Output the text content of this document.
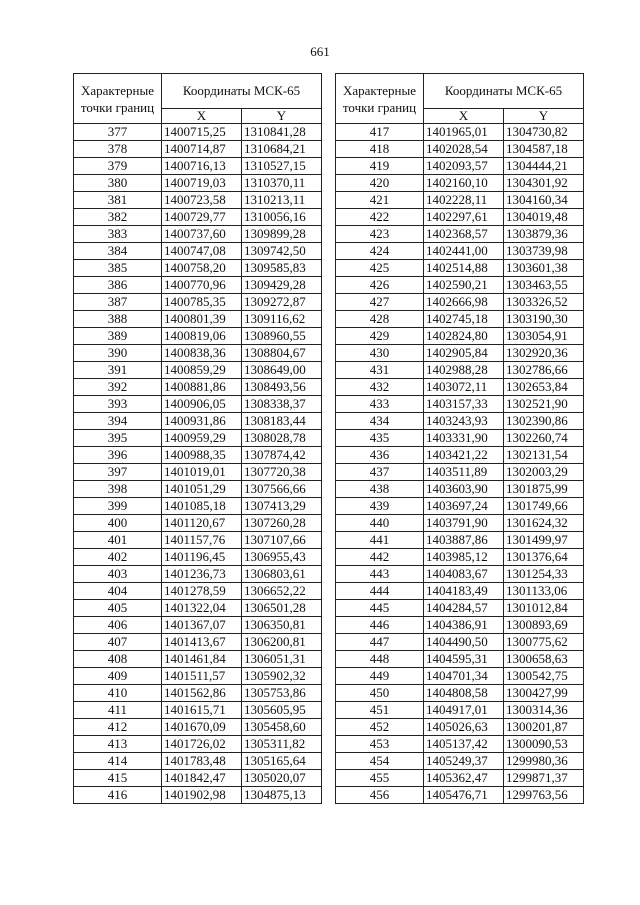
661
Характерные точки границ	Координаты МСК-65	
	X	Y
377	1400715,25	1310841,28
378	1400714,87	1310684,21
379	1400716,13	1310527,15
380	1400719,03	1310370,11
381	1400723,58	1310213,11
382	1400729,77	1310056,16
383	1400737,60	1309899,28
384	1400747,08	1309742,50
385	1400758,20	1309585,83
386	1400770,96	1309429,28
387	1400785,35	1309272,87
388	1400801,39	1309116,62
389	1400819,06	1308960,55
390	1400838,36	1308804,67
391	1400859,29	1308649,00
392	1400881,86	1308493,56
393	1400906,05	1308338,37
394	1400931,86	1308183,44
395	1400959,29	1308028,78
396	1400988,35	1307874,42
397	1401019,01	1307720,38
398	1401051,29	1307566,66
399	1401085,18	1307413,29
400	1401120,67	1307260,28
401	1401157,76	1307107,66
402	1401196,45	1306955,43
403	1401236,73	1306803,61
404	1401278,59	1306652,22
405	1401322,04	1306501,28
406	1401367,07	1306350,81
407	1401413,67	1306200,81
408	1401461,84	1306051,31
409	1401511,57	1305902,32
410	1401562,86	1305753,86
411	1401615,71	1305605,95
412	1401670,09	1305458,60
413	1401726,02	1305311,82
414	1401783,48	1305165,64
415	1401842,47	1305020,07
416	1401902,98	1304875,13
Характерные точки границ	Координаты МСК-65	
	X	Y
417	1401965,01	1304730,82
418	1402028,54	1304587,18
419	1402093,57	1304444,21
420	1402160,10	1304301,92
421	1402228,11	1304160,34
422	1402297,61	1304019,48
423	1402368,57	1303879,36
424	1402441,00	1303739,98
425	1402514,88	1303601,38
426	1402590,21	1303463,55
427	1402666,98	1303326,52
428	1402745,18	1303190,30
429	1402824,80	1303054,91
430	1402905,84	1302920,36
431	1402988,28	1302786,66
432	1403072,11	1302653,84
433	1403157,33	1302521,90
434	1403243,93	1302390,86
435	1403331,90	1302260,74
436	1403421,22	1302131,54
437	1403511,89	1302003,29
438	1403603,90	1301875,99
439	1403697,24	1301749,66
440	1403791,90	1301624,32
441	1403887,86	1301499,97
442	1403985,12	1301376,64
443	1404083,67	1301254,33
444	1404183,49	1301133,06
445	1404284,57	1301012,84
446	1404386,91	1300893,69
447	1404490,50	1300775,62
448	1404595,31	1300658,63
449	1404701,34	1300542,75
450	1404808,58	1300427,99
451	1404917,01	1300314,36
452	1405026,63	1300201,87
453	1405137,42	1300090,53
454	1405249,37	1299980,36
455	1405362,47	1299871,37
456	1405476,71	1299763,56
